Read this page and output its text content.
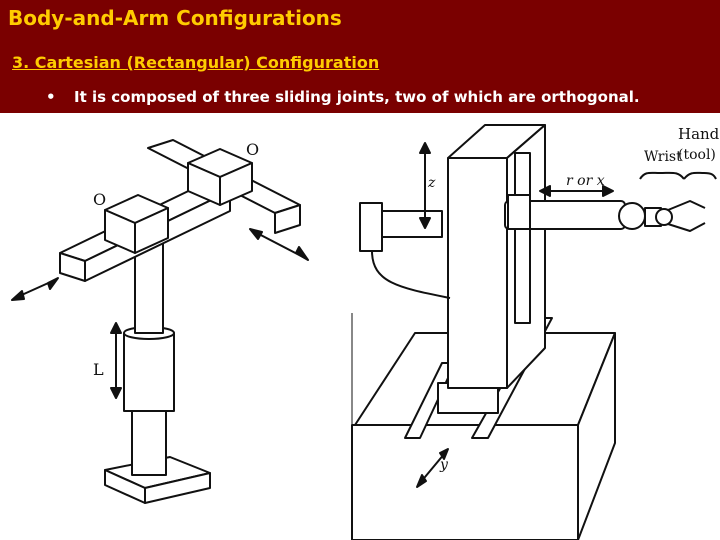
Body-and-Arm Configurations
3. Cartesian (Rectangular) Configuration
• It is composed of three sliding joints, two of which are orthogonal.
O
O
L
z	r or x
y
Wrist
Hand
(tool)
